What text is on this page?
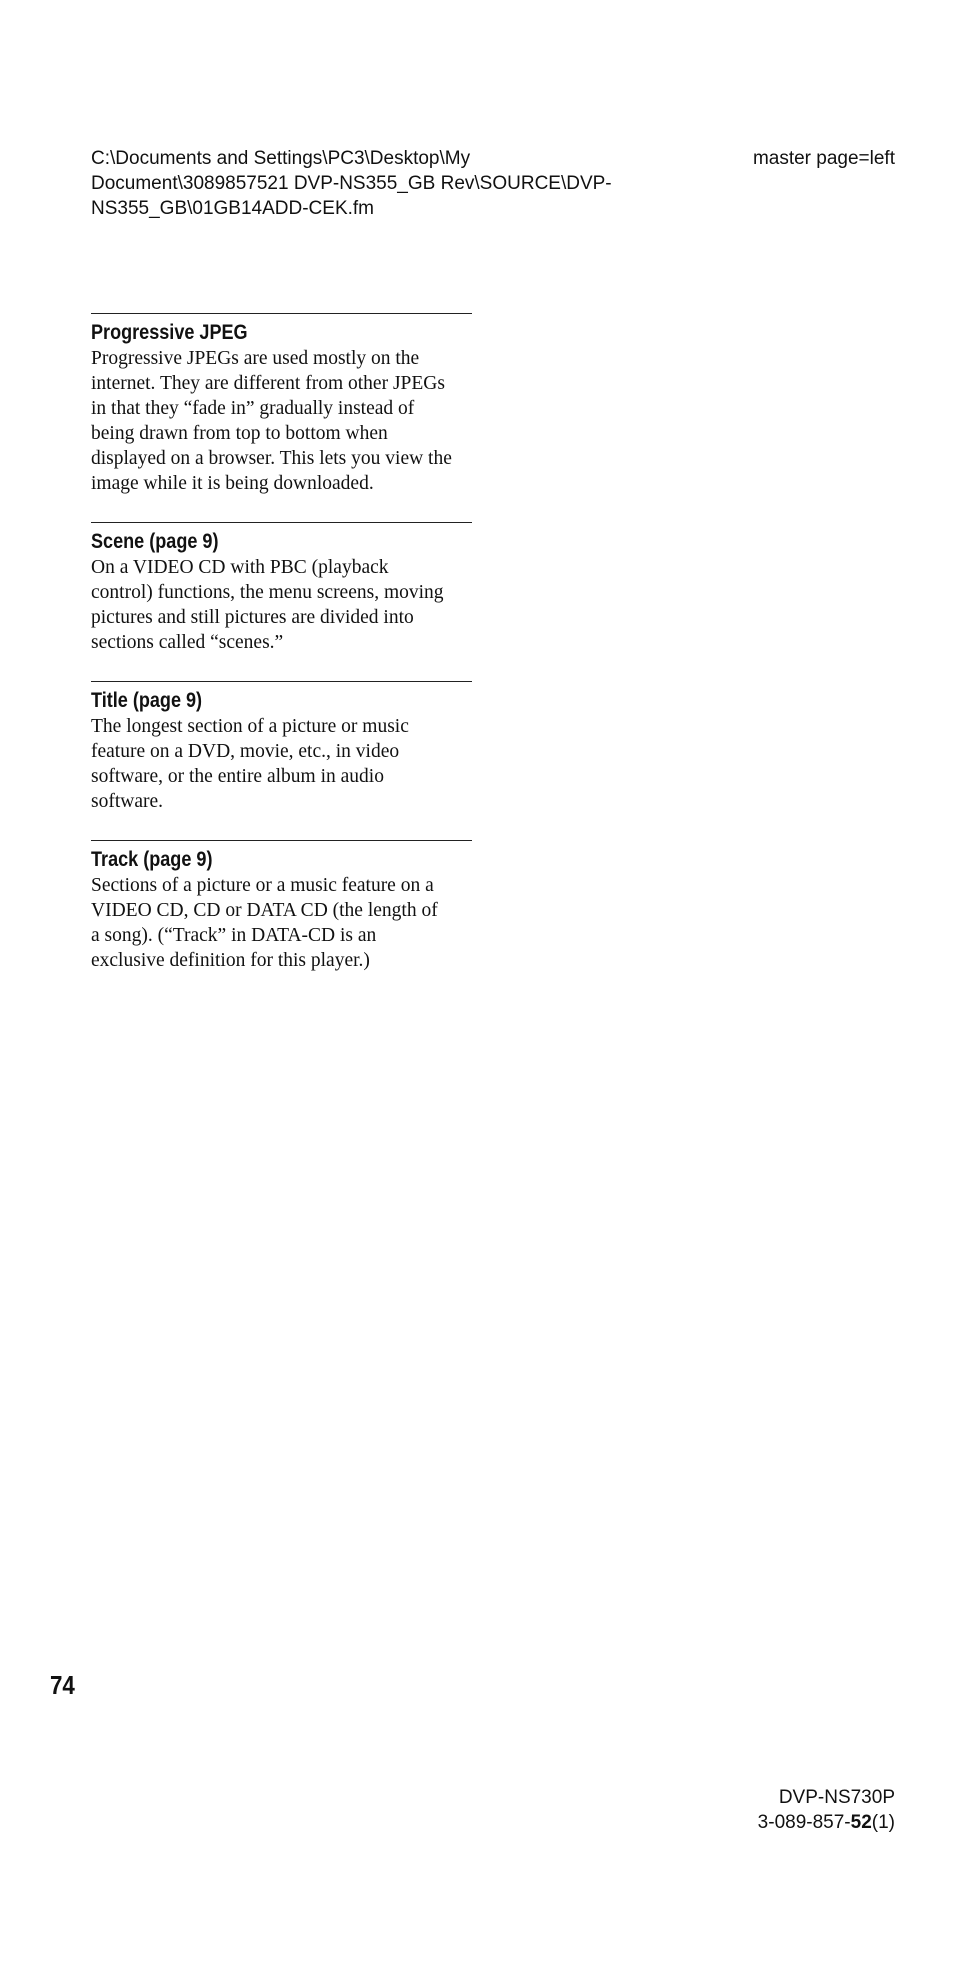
C:\Documents and Settings\PC3\Desktop\My
Document\3089857521 DVP-NS355_GB Rev\SOURCE\DVP-
NS355_GB\01GB14ADD-CEK.fm

master page=left

Progressive JPEG

Progressive JPEGs are used mostly on the
internet. They are different from other JPEGs
in that they “fade in” gradually instead of
being drawn from top to bottom when
displayed on a browser. This lets you view the
image while it is being downloaded.

Scene (page 9)

On a VIDEO CD with PBC (playback
control) functions, the menu screens, moving
pictures and still pictures are divided into
sections called “scenes.”

Title (page 9)

The longest section of a picture or music
feature on a DVD, movie, etc., in video
software, or the entire album in audio
software.

Track (page 9)

Sections of a picture or a music feature on a
VIDEO CD, CD or DATA CD (the length of
a song). (“Track” in DATA-CD is an
exclusive definition for this player.)

74

DVP-NS730P

3-089-857-52(1)
